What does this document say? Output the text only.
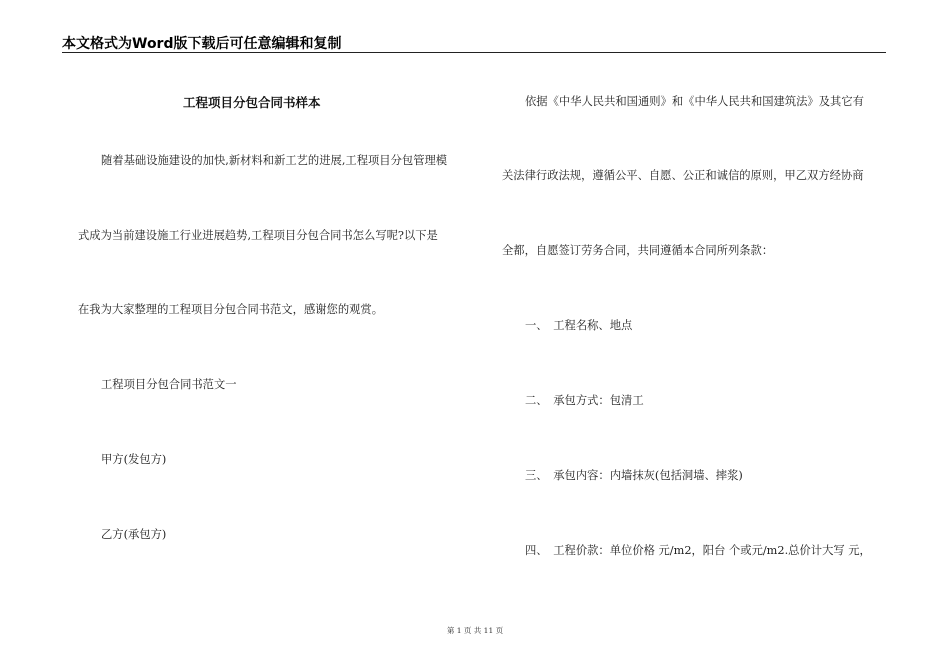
本文格式为Word版下载后可任意编辑和复制
工程项目分包合同书样本
随着基础设施建设的加快,新材料和新工艺的进展,工程项目分包管理模
式成为当前建设施工行业进展趋势,工程项目分包合同书怎么写呢?以下是
在我为大家整理的工程项目分包合同书范文，感谢您的观赏。
工程项目分包合同书范文一
甲方(发包方)
乙方(承包方)
依据《中华人民共和国通则》和《中华人民共和国建筑法》及其它有
关法律行政法规，遵循公平、自愿、公正和诚信的原则，甲乙双方经协商
全都，自愿签订劳务合同，共同遵循本合同所列条款：
一、　工程名称、地点
二、　承包方式：包清工
三、　承包内容：内墙抹灰(包括洞墙、摔浆)
四、　工程价款：单位价格 元/m2，阳台 个或元/m2.总价计大写 元，
第 1 页 共 11 页
